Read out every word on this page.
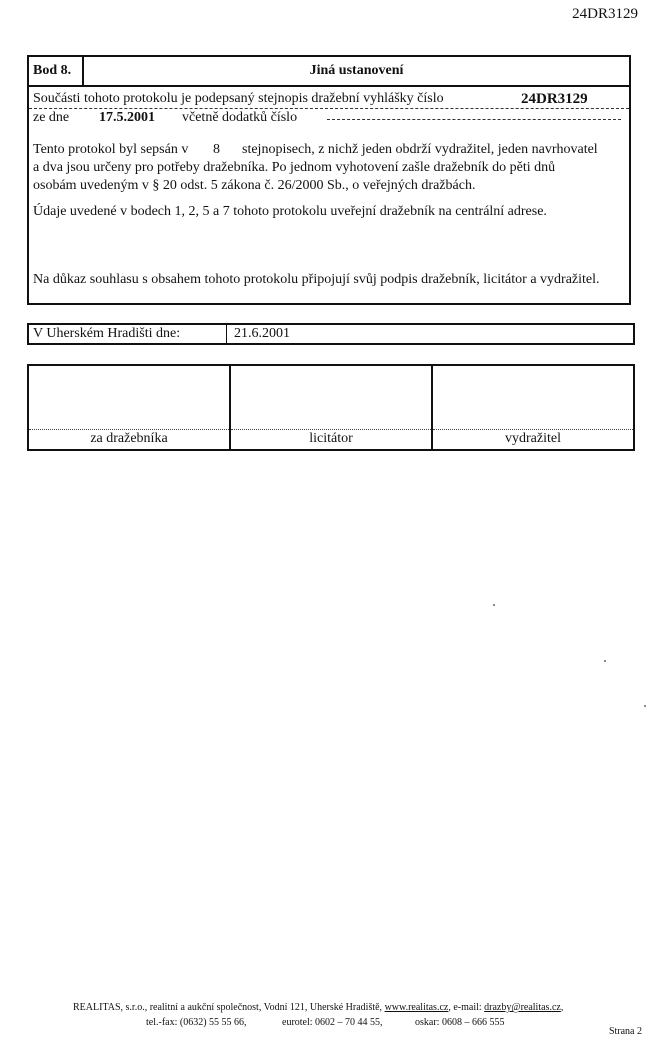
24DR3129
Bod 8.	Jiná ustanovení
Součásti tohoto protokolu je podepsaný stejnopis dražební vyhlášky číslo	24DR3129
ze dne 17.5.2001 včetně dodatků číslo
Tento protokol byl sepsán v 8 stejnopisech, z nichž jeden obdrží vydražitel, jeden navrhovatel
a dva jsou určeny pro potřeby dražebníka. Po jednom vyhotovení zašle dražebník do pěti dnů
osobám uvedeným v § 20 odst. 5 zákona č. 26/2000 Sb., o veřejných dražbách.
Údaje uvedené v bodech 1, 2, 5 a 7 tohoto protokolu uveřejní dražebník na centrální adrese.
Na důkaz souhlasu s obsahem tohoto protokolu připojují svůj podpis dražebník, licitátor a vydražitel.
V Uherském Hradišti dne:	21.6.2001
za dražebníka	licitátor	vydražitel
REALITAS, s.r.o., realitní a aukční společnost, Vodní 121, Uherské Hradiště, www.realitas.cz, e-mail: drazby@realitas.cz,
tel.-fax: (0632) 55 55 66,	eurotel: 0602 – 70 44 55,	oskar: 0608 – 666 555
Strana 2
